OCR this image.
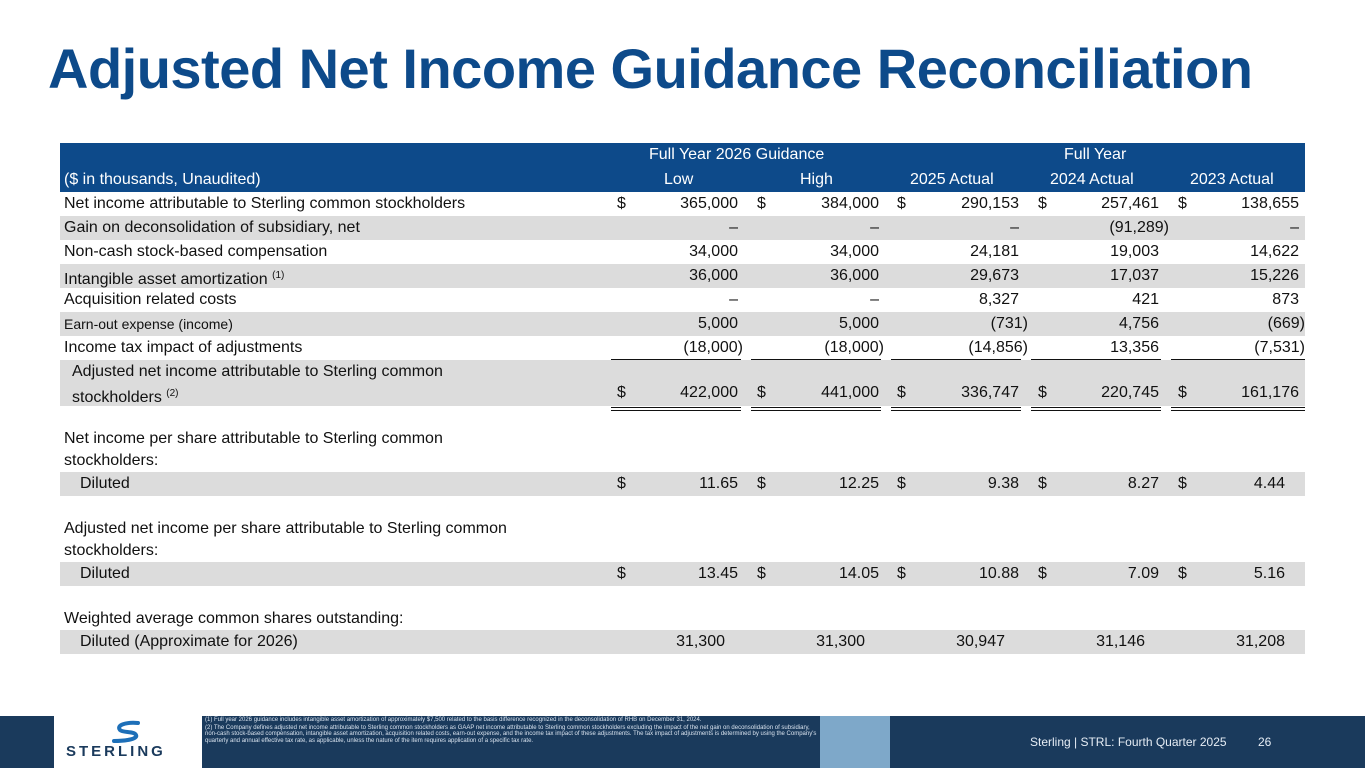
Adjusted Net Income Guidance Reconciliation
Full Year 2026 Guidance	Full Year
($ in thousands, Unaudited)	Low	High	2025 Actual	2024 Actual	2023 Actual
Net income attributable to Sterling common stockholders	$	365,000 $	384,000 $	290,153 $	257,461 $	138,655
Gain on deconsolidation of subsidiary, net	–	–	–	(91,289)	–
Non-cash stock-based compensation	34,000	34,000	24,181	19,003	14,622
Intangible asset amortization $^{(1)}$	36,000	36,000	29,673	17,037	15,226
Acquisition related costs	–	–	8,327	421	873
Earn-out expense (income)	5,000	5,000	(731)	4,756	(669)
Income tax impact of adjustments	(18,000)	(18,000)	(14,856)	13,356	(7,531)
Adjusted net income attributable to Sterling common
stockholders $^{(2)}$	$	422,000 $	441,000 $	336,747 $	220,745 $	161,176
Net income per share attributable to Sterling common
stockholders:
Diluted	$	11.65 $	12.25 $	9.38 $	8.27 $	4.44
Adjusted net income per share attributable to Sterling common
stockholders:
Diluted	$	13.45 $	14.05 $	10.88 $	7.09 $	5.16
Weighted average common shares outstanding:
Diluted (Approximate for 2026)	31,300	31,300	30,947	31,146	31,208
STERLING

(1) Full year 2026 guidance includes intangible asset amortization of approximately $7,500 related to the basis difference recognized in the deconsolidation of RHB on December 31, 2024.

(2) The Company defines adjusted net income attributable to Sterling common stockholders as GAAP net income attributable to Sterling common stockholders excluding the impact of the net gain on deconsolidation of subsidiary, non-cash stock-based compensation, intangible asset amortization, acquisition related costs, earn-out expense, and the income tax impact of these adjustments. The tax impact of adjustments is determined by using the Company's quarterly and annual effective tax rate, as applicable, unless the nature of the item requires application of a specific tax rate.	Sterling | STRL: Fourth Quarter 2025	26
